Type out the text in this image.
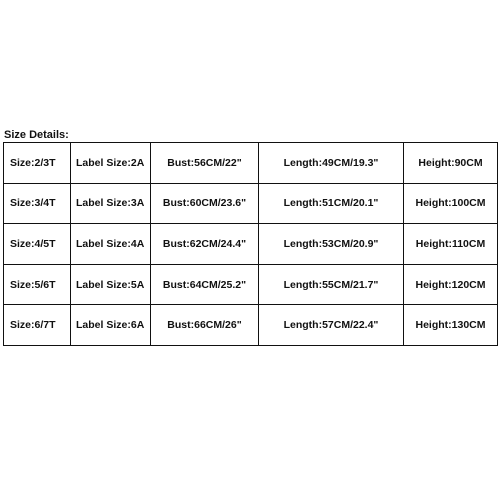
Size Details:
Size:2/3T	Label Size:2A	Bust:56CM/22"	Length:49CM/19.3"	Height:90CM
Size:3/4T	Label Size:3A	Bust:60CM/23.6"	Length:51CM/20.1"	Height:100CM
Size:4/5T	Label Size:4A	Bust:62CM/24.4"	Length:53CM/20.9"	Height:110CM
Size:5/6T	Label Size:5A	Bust:64CM/25.2"	Length:55CM/21.7"	Height:120CM
Size:6/7T	Label Size:6A	Bust:66CM/26"	Length:57CM/22.4"	Height:130CM
